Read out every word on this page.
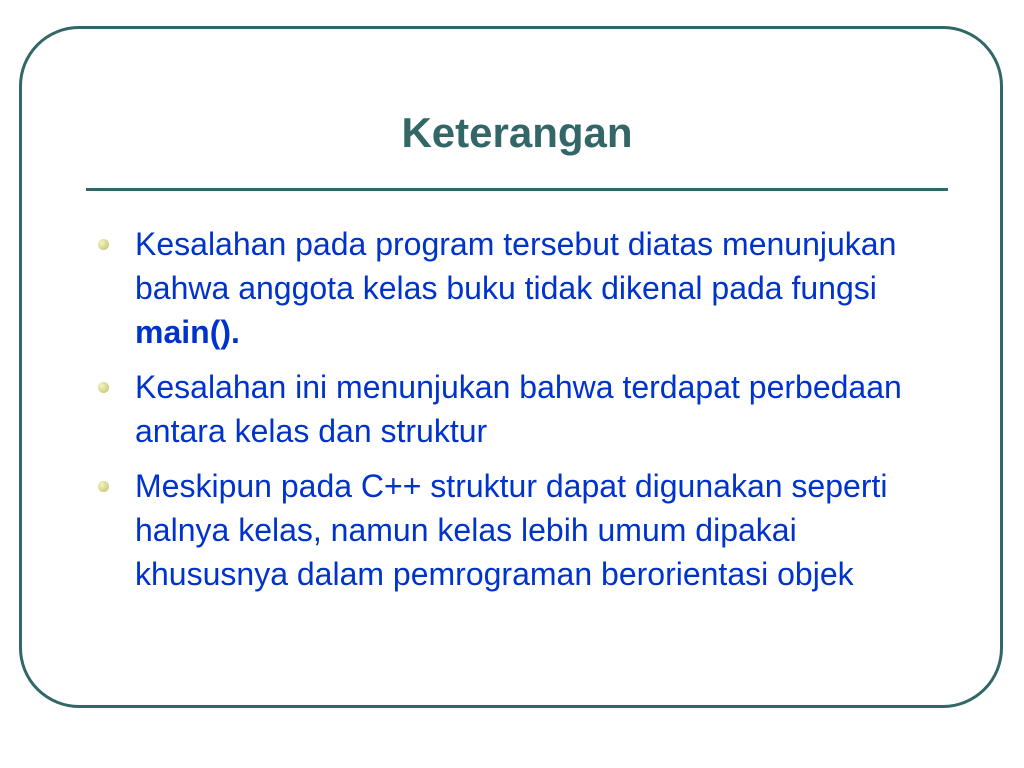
Keterangan
Kesalahan pada program tersebut diatas menunjukan bahwa anggota kelas buku tidak dikenal pada fungsi main().
Kesalahan ini menunjukan bahwa terdapat perbedaan antara kelas dan struktur
Meskipun pada C++ struktur dapat digunakan seperti halnya kelas, namun kelas lebih umum dipakai khususnya dalam pemrograman berorientasi objek
